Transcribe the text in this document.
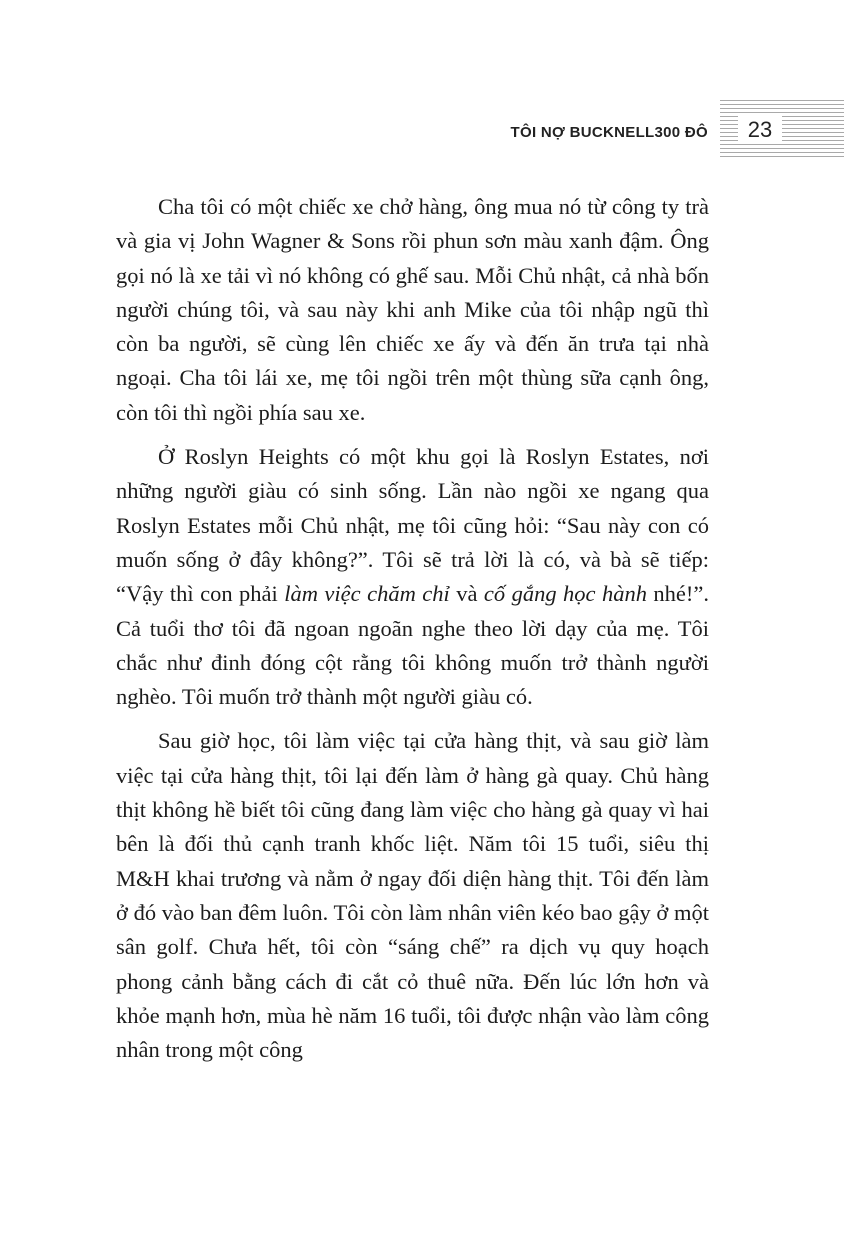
TÔI NỢ BUCKNELL300 ĐÔ	23

Cha tôi có một chiếc xe chở hàng, ông mua nó từ công ty trà và gia vị John Wagner & Sons rồi phun sơn màu xanh đậm. Ông gọi nó là xe tải vì nó không có ghế sau. Mỗi Chủ nhật, cả nhà bốn người chúng tôi, và sau này khi anh Mike của tôi nhập ngũ thì còn ba người, sẽ cùng lên chiếc xe ấy và đến ăn trưa tại nhà ngoại. Cha tôi lái xe, mẹ tôi ngồi trên một thùng sữa cạnh ông, còn tôi thì ngồi phía sau xe.

Ở Roslyn Heights có một khu gọi là Roslyn Estates, nơi những người giàu có sinh sống. Lần nào ngồi xe ngang qua Roslyn Estates mỗi Chủ nhật, mẹ tôi cũng hỏi: “Sau này con có muốn sống ở đây không?”. Tôi sẽ trả lời là có, và bà sẽ tiếp: “Vậy thì con phải làm việc chăm chỉ và cố gắng học hành nhé!”. Cả tuổi thơ tôi đã ngoan ngoãn nghe theo lời dạy của mẹ. Tôi chắc như đinh đóng cột rằng tôi không muốn trở thành người nghèo. Tôi muốn trở thành một người giàu có.

Sau giờ học, tôi làm việc tại cửa hàng thịt, và sau giờ làm việc tại cửa hàng thịt, tôi lại đến làm ở hàng gà quay. Chủ hàng thịt không hề biết tôi cũng đang làm việc cho hàng gà quay vì hai bên là đối thủ cạnh tranh khốc liệt. Năm tôi 15 tuổi, siêu thị M&H khai trương và nằm ở ngay đối diện hàng thịt. Tôi đến làm ở đó vào ban đêm luôn. Tôi còn làm nhân viên kéo bao gậy ở một sân golf. Chưa hết, tôi còn “sáng chế” ra dịch vụ quy hoạch phong cảnh bằng cách đi cắt cỏ thuê nữa. Đến lúc lớn hơn và khỏe mạnh hơn, mùa hè năm 16 tuổi, tôi được nhận vào làm công nhân trong một công
